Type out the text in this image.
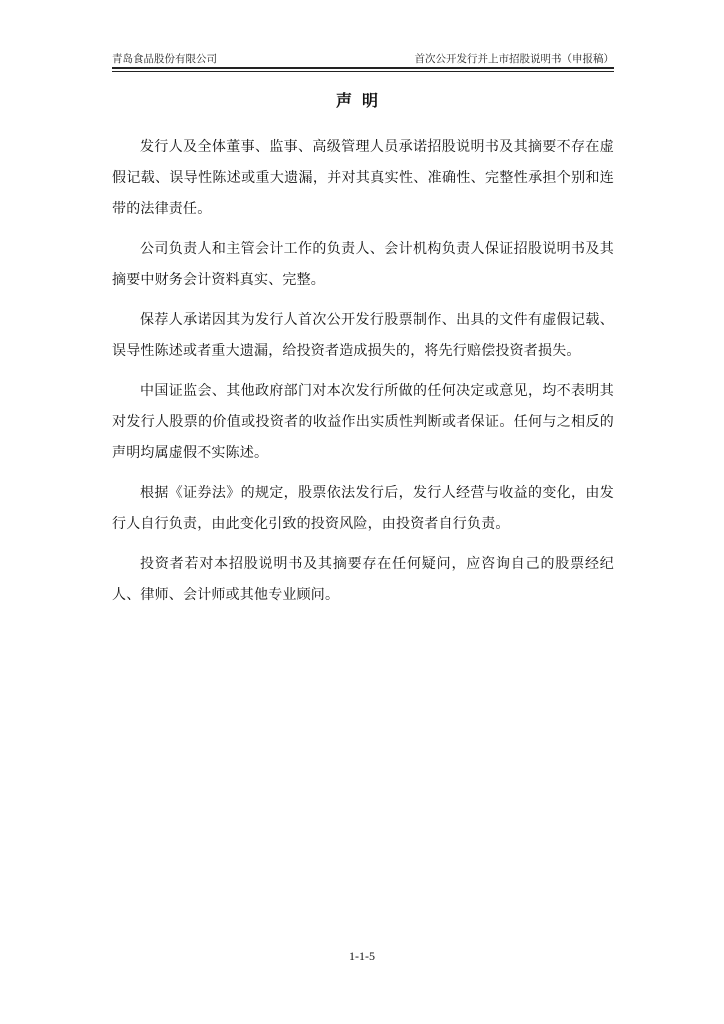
青岛食品股份有限公司	首次公开发行并上市招股说明书（申报稿）
声明

发行人及全体董事、监事、高级管理人员承诺招股说明书及其摘要不存在虚假记载、误导性陈述或重大遗漏，并对其真实性、准确性、完整性承担个别和连带的法律责任。

公司负责人和主管会计工作的负责人、会计机构负责人保证招股说明书及其摘要中财务会计资料真实、完整。

保荐人承诺因其为发行人首次公开发行股票制作、出具的文件有虚假记载、误导性陈述或者重大遗漏，给投资者造成损失的，将先行赔偿投资者损失。

中国证监会、其他政府部门对本次发行所做的任何决定或意见，均不表明其对发行人股票的价值或投资者的收益作出实质性判断或者保证。任何与之相反的声明均属虚假不实陈述。

根据《证券法》的规定，股票依法发行后，发行人经营与收益的变化，由发行人自行负责，由此变化引致的投资风险，由投资者自行负责。

投资者若对本招股说明书及其摘要存在任何疑问，应咨询自己的股票经纪人、律师、会计师或其他专业顾问。

1-1-5
